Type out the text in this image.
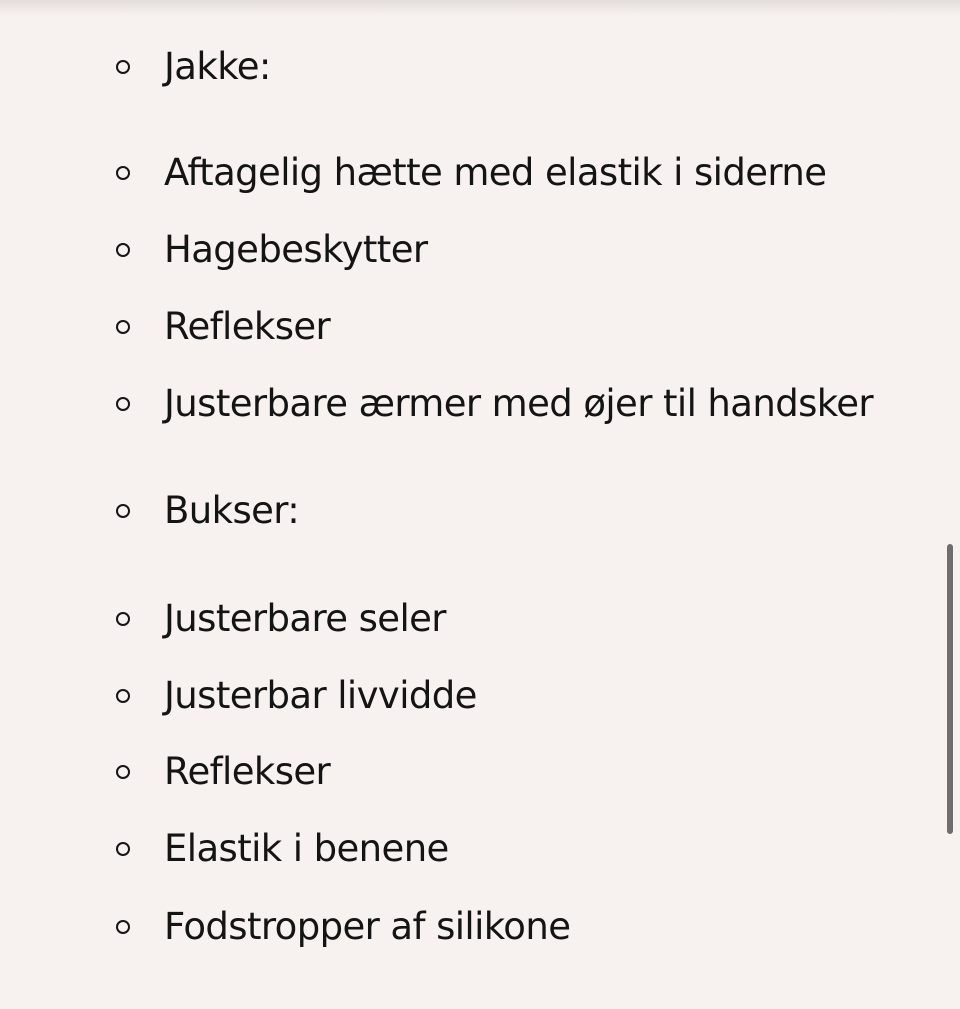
Jakke:
Aftagelig hætte med elastik i siderne
Hagebeskytter
Reflekser
Justerbare ærmer med øjer til handsker
Bukser:
Justerbare seler
Justerbar livvidde
Reflekser
Elastik i benene
Fodstropper af silikone
